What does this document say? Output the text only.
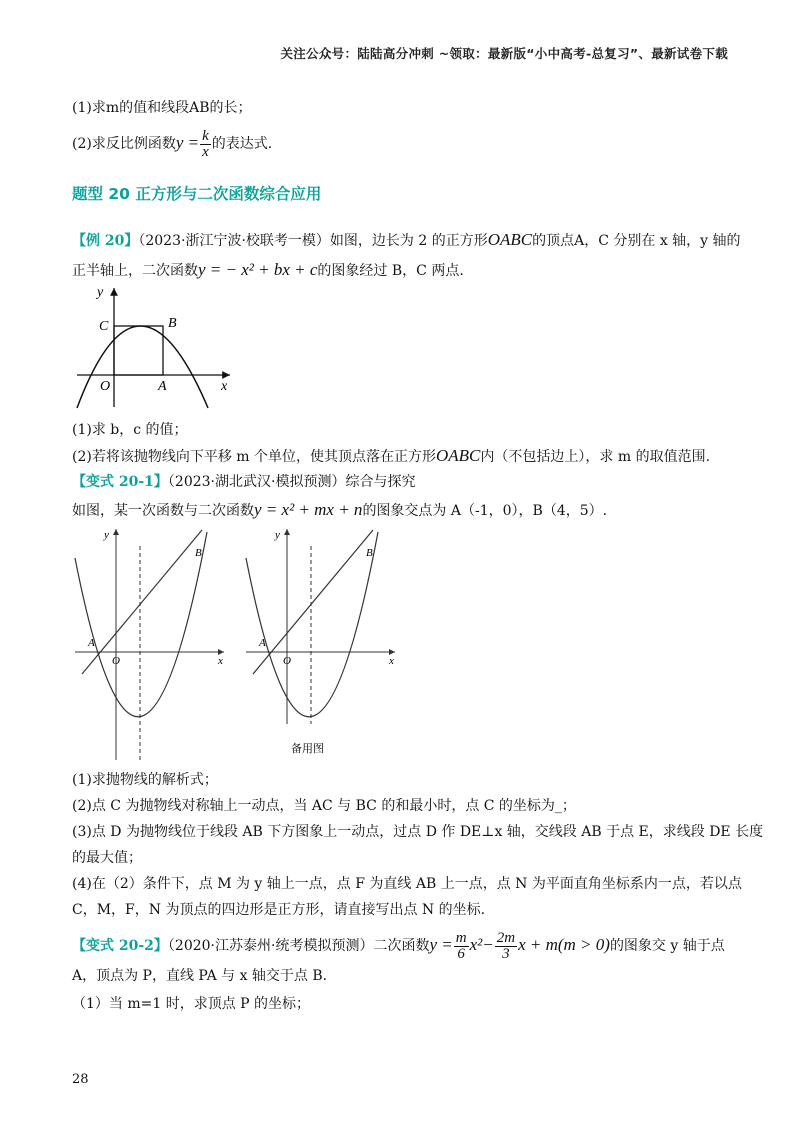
关注公众号：陆陆高分冲刺 ~领取：最新版“小中高考-总复习”、最新试卷下载
(1)求m的值和线段AB的长；
(2)求反比例函数$y = \frac{k}{x}$ 的表达式.
题型 20 正方形与二次函数综合应用
【例 20】（2023·浙江宁波·校联考一模）如图，边长为 2 的正方形OABC的顶点A，C 分别在 x 轴，y 轴的
正半轴上，二次函数y = − x² + bx + c的图象经过 B，C 两点.
y
x
C	B
O	A
(1)求 b，c 的值；
(2)若将该抛物线向下平移 m 个单位，使其顶点落在正方形OABC内（不包括边上），求 m 的取值范围.
【变式 20-1】（2023·湖北武汉·模拟预测）综合与探究
如图，某一次函数与二次函数y = x² + mx + n的图象交点为 A（-1，0），B（4，5）.
y
x
A
B
O
y
x
A
B
O
备用图
(1)求抛物线的解析式；
(2)点 C 为抛物线对称轴上一动点，当 AC 与 BC 的和最小时，点 C 的坐标为_；
(3)点 D 为抛物线位于线段 AB 下方图象上一动点，过点 D 作 DE⊥x 轴，交线段 AB 于点 E，求线段 DE 长度
的最大值；
(4)在（2）条件下，点 M 为 y 轴上一点，点 F 为直线 AB 上一点，点 N 为平面直角坐标系内一点，若以点
C，M，F，N 为顶点的四边形是正方形，请直接写出点 N 的坐标.
【变式 20-2】（2020·江苏泰州·统考模拟预测）二次函数$y = \frac{m}{6} x^2- \frac{2m}{3}$ x + m(m > 0)的图象交 y 轴于点
A，顶点为 P，直线 PA 与 x 轴交于点 B.
（1）当 m=1 时，求顶点 P 的坐标；
28
